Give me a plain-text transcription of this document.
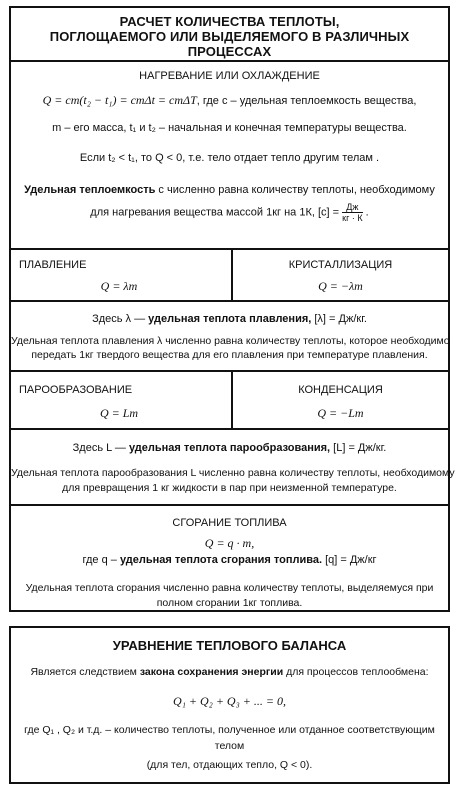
РАСЧЕТ КОЛИЧЕСТВА ТЕПЛОТЫ,
ПОГЛОЩАЕМОГО ИЛИ ВЫДЕЛЯЕМОГО В РАЗЛИЧНЫХ ПРОЦЕССАХ
НАГРЕВАНИЕ ИЛИ ОХЛАЖДЕНИЕ
Q = cm(t₂ − t₁) = cmΔt = cmΔT, где c – удельная теплоемкость вещества,
m – его масса, t₁ и t₂ – начальная и конечная температуры вещества.
Если t₂ < t₁, то Q < 0, т.е. тело отдает тепло другим телам .
Удельная теплоемкость c численно равна количеству теплоты, необходимому
для нагревания вещества массой 1кг на 1К, $[c] = \frac{Дж}{кг \cdot К}$ .
ПЛАВЛЕНИЕ
Q = λm
КРИСТАЛЛИЗАЦИЯ
Q = −λm
Здесь λ — удельная теплота плавления, [λ] = Дж/кг.
Удельная теплота плавления λ численно равна количеству теплоты, которое необходимо
передать 1кг твердого вещества для его плавления при температуре плавления.
ПАРООБРАЗОВАНИЕ
Q = Lm
КОНДЕНСАЦИЯ
Q = −Lm
Здесь L — удельная теплота парообразования, [L] = Дж/кг.
Удельная теплота парообразования L численно равна количеству теплоты, необходимому
для превращения 1 кг жидкости в пар при неизменной температуре.
СГОРАНИЕ ТОПЛИВА
Q = q · m,
где q – удельная теплота сгорания топлива. [q] = Дж/кг
Удельная теплота сгорания численно равна количеству теплоты, выделяемуся при
полном сгорании 1кг топлива.
УРАВНЕНИЕ ТЕПЛОВОГО БАЛАНСА
Является следствием закона сохранения энергии для процессов теплообмена:
Q₁ + Q₂ + Q₃ + ... = 0,
где Q₁ , Q₂ и т.д. – количество теплоты, полученное или отданное соответствующим
телом
(для тел, отдающих тепло, Q < 0).
